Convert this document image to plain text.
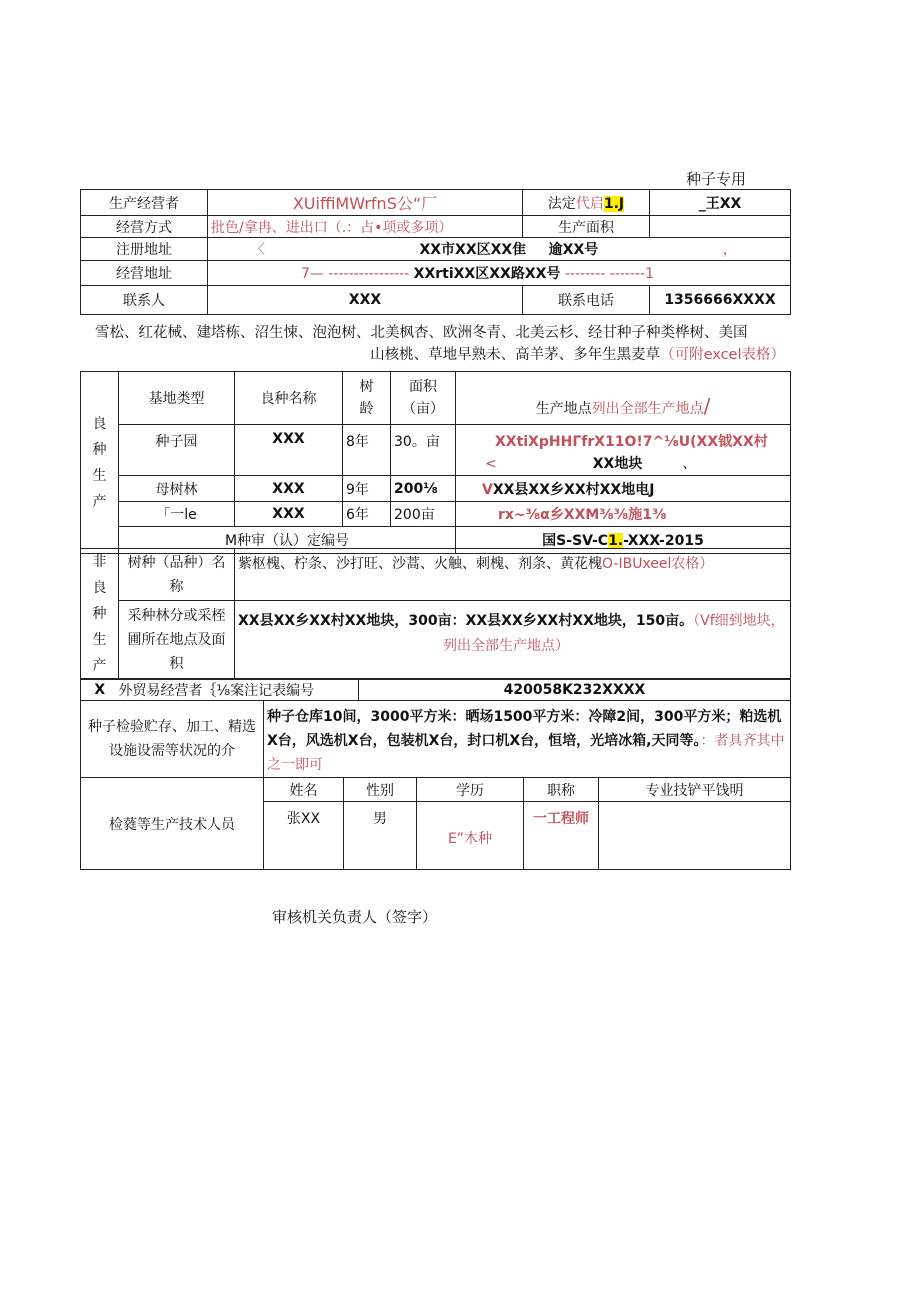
种子专用
生产经营者	XUiffiMWrfnS公“厂	法定代启1.J	_王XX
经营方式	批色/拿冉、进出口（.：占•项或多项）	生产面积	
注册地址	〈 XX市XX区XX隹 逾XX号 ，		
经营地址	7— ---------------- XXrtiXX区XX路XX号 -------- -------1		
联系人	XXX	联系电话	1356666XXXX
雪松、红花械、建塔栋、沼生悚、泡泡树、北美枫杏、欧洲冬青、北美云杉、经甘种子种类桦树、美国
山核桃、草地早熟未、高羊茅、多年生黑麦草（可附excel表格）
良种生产	基地类型	良种名称	树龄	面积（亩）	生产地点列出全部生产地点/
	种子园	XXX	8年	30。亩	XXtiXpHHΓfrX11O!7^⅛U(XX钺XX村
< XX地块 、

	母树林	XXX	9年	200⅛	VXX县XX乡XX村XX地电J
	「一le	XXX	6年	200亩	rx~⅜α乡XXM⅜⅜施1⅜
	M种审（认）定编号				国S-SV-C1.-XXX-2015
非良种生产	树种（品种）名称	紫枢槐、柠条、沙打旺、沙蒿、火触、刺槐、剂条、黄花槐O-IBUxeel农格）
	采种林分或采桎圃所在地点及面积	XX县XX乡XX村XX地块，300亩：XX县XX乡XX村XX地块，150亩。（Vf细到地块，
列出全部生产地点）
X	外贸易经营者｛⅛案注记表编号	420058K232XXXX
种子检验贮存、加工、精选设施设需等状况的介	种子仓库10间，3000平方米：晒场1500平方米：冷障2间，300平方米；粕选机X台，风选机X台，包装机X台，封口机X台，恒培，光培冰箱,天同等。：者具齐其中之一即可
检蕤等生产技术人员	姓名	性别	学历	职称	专业技铲平饯明
	张XX	男	E”木种	一工程师	
审核机关负责人（签字）
